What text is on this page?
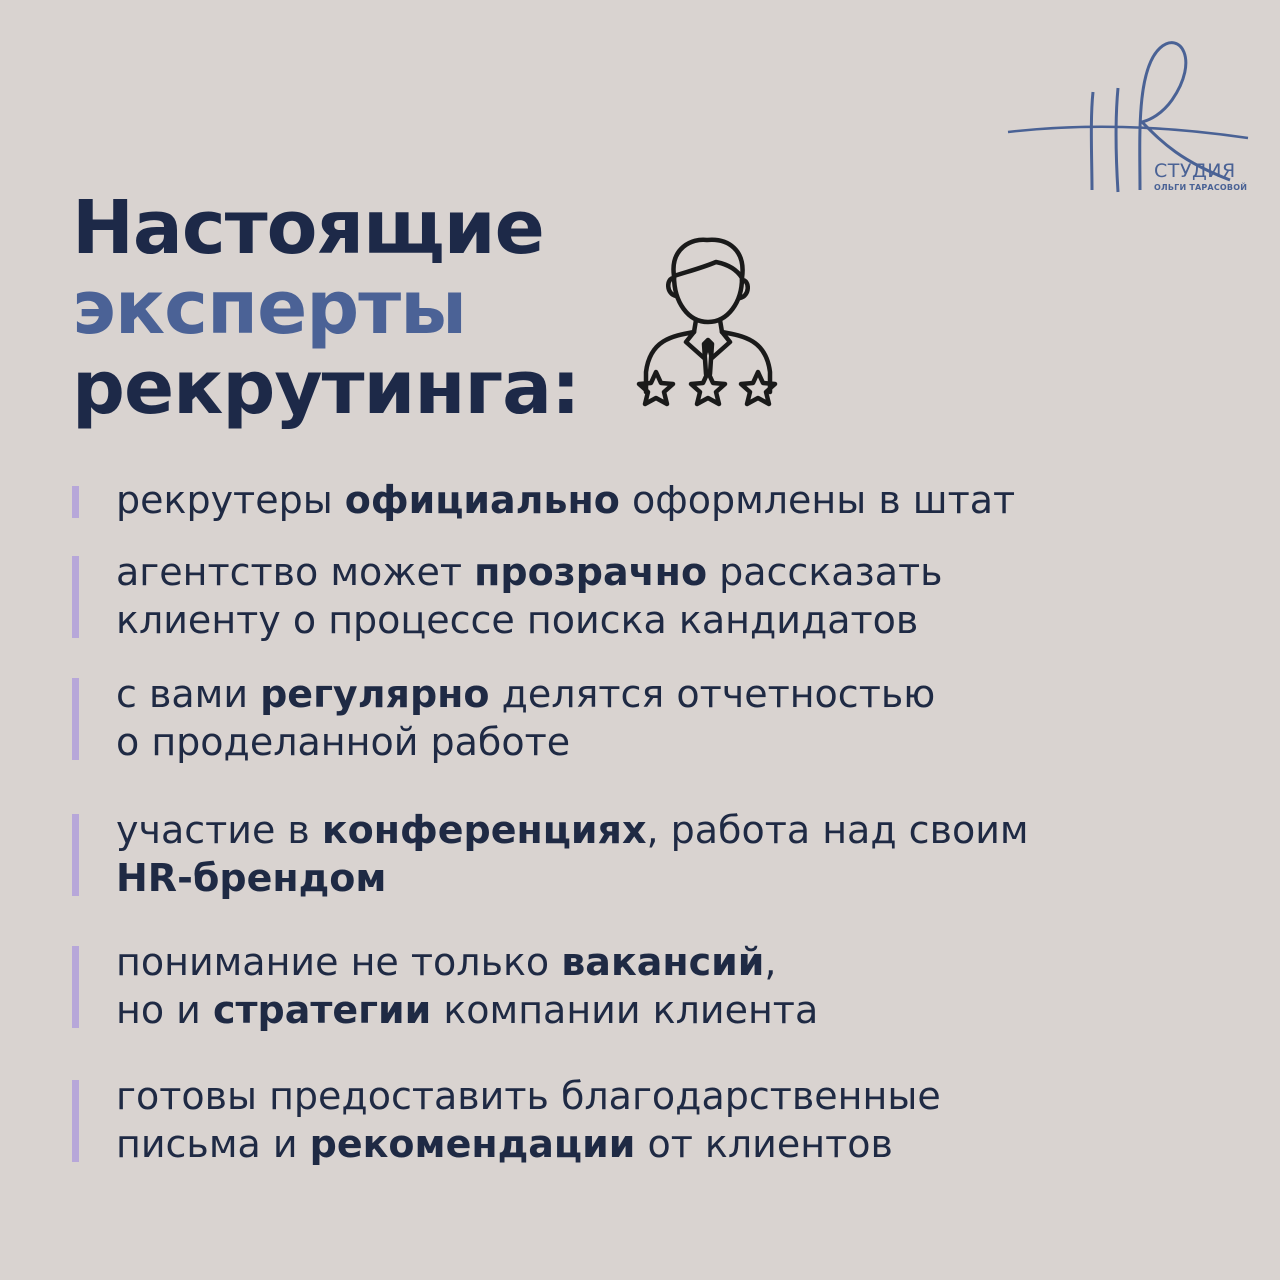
СТУДИЯ
ОЛЬГИ ТАРАСОВОЙ
Настоящие
эксперты
рекрутинга:
рекрутеры официально оформлены в штат
агентство может прозрачно рассказать
клиенту о процессе поиска кандидатов
с вами регулярно делятся отчетностью
о проделанной работе
участие в конференциях, работа над своим
HR-брендом
понимание не только вакансий,
но и стратегии компании клиента
готовы предоставить благодарственные
письма и рекомендации от клиентов
